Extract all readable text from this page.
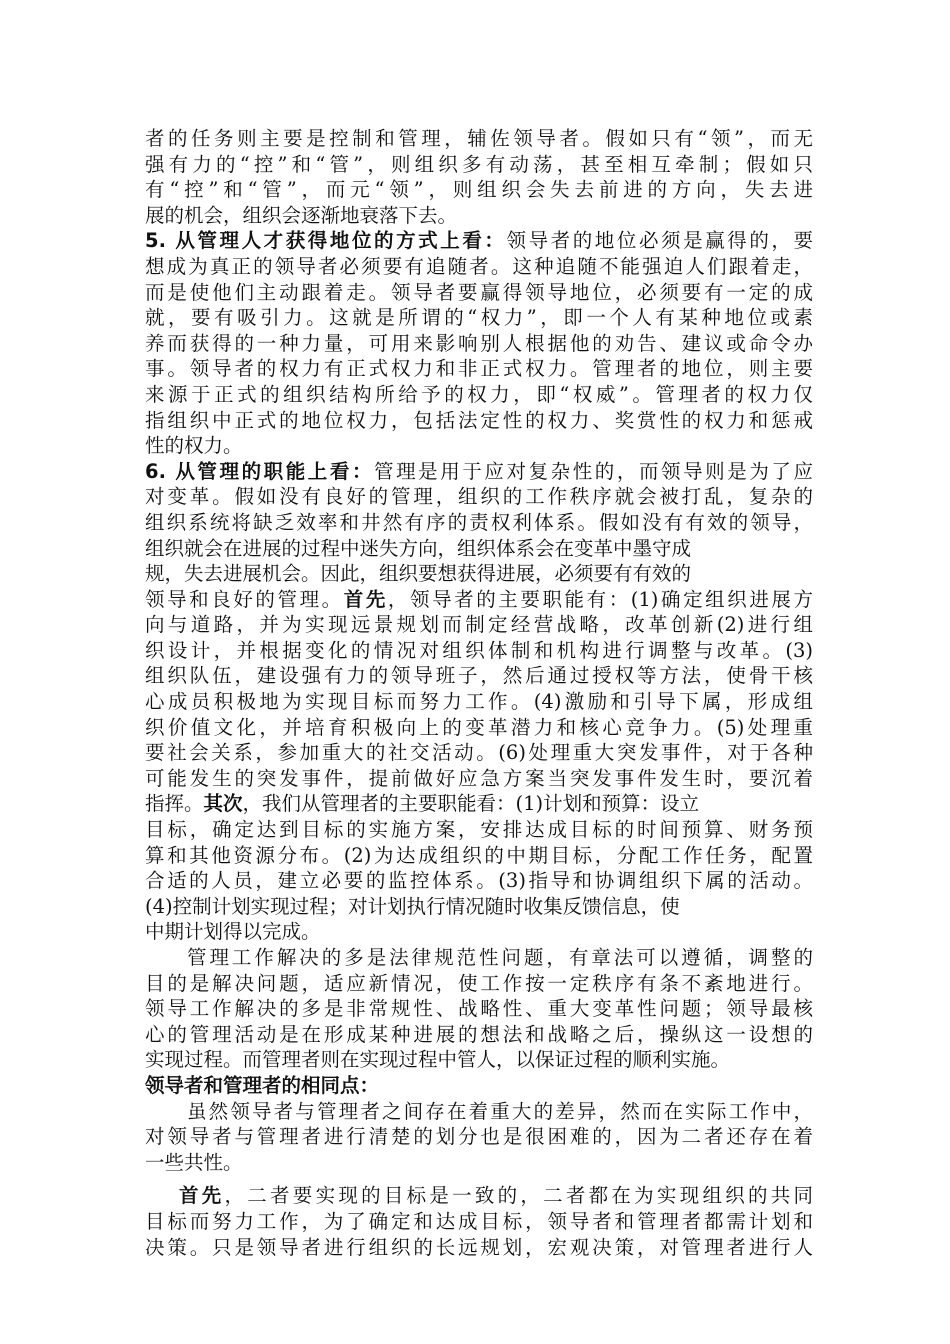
者的任务则主要是控制和管理，辅佐领导者。假如只有“领”，而无
强有力的“控”和“管”，则组织多有动荡，甚至相互牵制；假如只
有“控”和“管”，而元“领”，则组织会失去前进的方向，失去进
展的机会，组织会逐渐地衰落下去。
5. 从管理人才获得地位的方式上看：领导者的地位必须是赢得的，要
想成为真正的领导者必须要有追随者。这种追随不能强迫人们跟着走，
而是使他们主动跟着走。领导者要赢得领导地位，必须要有一定的成
就，要有吸引力。这就是所谓的“权力”，即一个人有某种地位或素
养而获得的一种力量，可用来影响别人根据他的劝告、建议或命令办
事。领导者的权力有正式权力和非正式权力。管理者的地位，则主要
来源于正式的组织结构所给予的权力，即“权威”。管理者的权力仅
指组织中正式的地位权力，包括法定性的权力、奖赏性的权力和惩戒
性的权力。
6. 从管理的职能上看：管理是用于应对复杂性的，而领导则是为了应
对变革。假如没有良好的管理，组织的工作秩序就会被打乱，复杂的
组织系统将缺乏效率和井然有序的责权利体系。假如没有有效的领导，
组织就会在进展的过程中迷失方向，组织体系会在变革中墨守成
规，失去进展机会。因此，组织要想获得进展，必须要有有效的
领导和良好的管理。首先，领导者的主要职能有：(1)确定组织进展方
向与道路，并为实现远景规划而制定经营战略，改革创新(2)进行组
织设计，并根据变化的情况对组织体制和机构进行调整与改革。(3)
组织队伍，建设强有力的领导班子，然后通过授权等方法，使骨干核
心成员积极地为实现目标而努力工作。(4)激励和引导下属，形成组
织价值文化，并培育积极向上的变革潜力和核心竞争力。(5)处理重
要社会关系，参加重大的社交活动。(6)处理重大突发事件，对于各种
可能发生的突发事件，提前做好应急方案当突发事件发生时，要沉着
指挥。其次，我们从管理者的主要职能看：(1)计划和预算：设立
目标，确定达到目标的实施方案，安排达成目标的时间预算、财务预
算和其他资源分布。(2)为达成组织的中期目标，分配工作任务，配置
合适的人员，建立必要的监控体系。(3)指导和协调组织下属的活动。
(4)控制计划实现过程；对计划执行情况随时收集反馈信息，使
中期计划得以完成。
管理工作解决的多是法律规范性问题，有章法可以遵循，调整的
目的是解决问题，适应新情况，使工作按一定秩序有条不紊地进行。
领导工作解决的多是非常规性、战略性、重大变革性问题；领导最核
心的管理活动是在形成某种进展的想法和战略之后，操纵这一设想的
实现过程。而管理者则在实现过程中管人，以保证过程的顺利实施。
领导者和管理者的相同点：
虽然领导者与管理者之间存在着重大的差异，然而在实际工作中，
对领导者与管理者进行清楚的划分也是很困难的，因为二者还存在着
一些共性。
首先，二者要实现的目标是一致的，二者都在为实现组织的共同
目标而努力工作，为了确定和达成目标，领导者和管理者都需计划和
决策。只是领导者进行组织的长远规划，宏观决策，对管理者进行人
